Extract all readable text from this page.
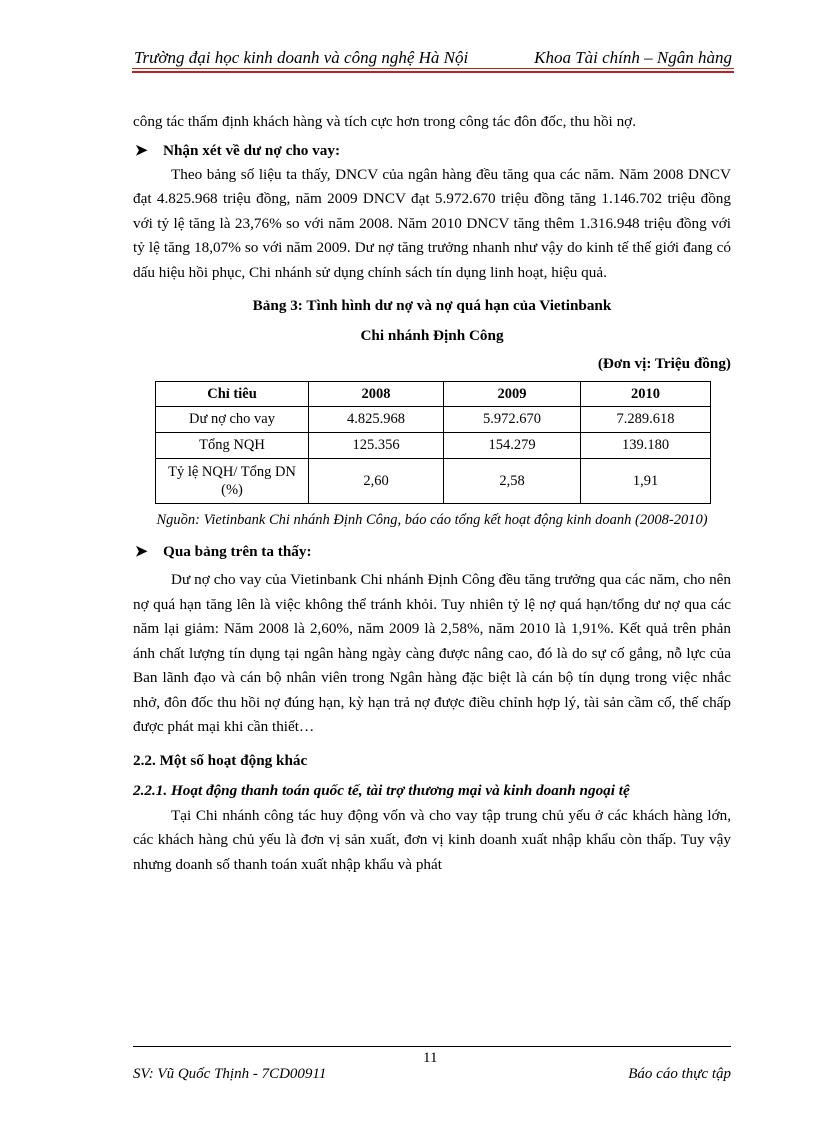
Trường đại học kinh doanh và công nghệ Hà Nội	Khoa Tài chính – Ngân hàng

công tác thẩm định khách hàng và tích cực hơn trong công tác đôn đốc, thu hồi nợ.

➤ Nhận xét về dư nợ cho vay:

Theo bảng số liệu ta thấy, DNCV của ngân hàng đều tăng qua các năm. Năm 2008 DNCV đạt 4.825.968 triệu đồng, năm 2009 DNCV đạt 5.972.670 triệu đồng tăng 1.146.702 triệu đồng với tỷ lệ tăng là 23,76% so với năm 2008. Năm 2010 DNCV tăng thêm 1.316.948 triệu đồng với tỷ lệ tăng 18,07% so với năm 2009. Dư nợ tăng trưởng nhanh như vậy do kinh tế thế giới đang có dấu hiệu hồi phục, Chi nhánh sử dụng chính sách tín dụng linh hoạt, hiệu quả.

Bảng 3: Tình hình dư nợ và nợ quá hạn của Vietinbank

Chi nhánh Định Công

(Đơn vị: Triệu đồng)

Chỉ tiêu	2008	2009	2010
Dư nợ cho vay	4.825.968	5.972.670	7.289.618
Tổng NQH	125.356	154.279	139.180
Tỷ lệ NQH/ Tổng DN (%)	2,60	2,58	1,91

Nguồn: Vietinbank Chi nhánh Định Công, báo cáo tổng kết hoạt động kinh doanh (2008-2010)

➤ Qua bảng trên ta thấy:

Dư nợ cho vay của Vietinbank Chi nhánh Định Công đều tăng trưởng qua các năm, cho nên nợ quá hạn tăng lên là việc không thể tránh khỏi. Tuy nhiên tỷ lệ nợ quá hạn/tổng dư nợ qua các năm lại giảm: Năm 2008 là 2,60%, năm 2009 là 2,58%, năm 2010 là 1,91%. Kết quả trên phản ánh chất lượng tín dụng tại ngân hàng ngày càng được nâng cao, đó là do sự cố gắng, nỗ lực của Ban lãnh đạo và cán bộ nhân viên trong Ngân hàng đặc biệt là cán bộ tín dụng trong việc nhắc nhở, đôn đốc thu hồi nợ đúng hạn, kỳ hạn trả nợ được điều chỉnh hợp lý, tài sản cầm cố, thế chấp được phát mại khi cần thiết…

2.2. Một số hoạt động khác

2.2.1. Hoạt động thanh toán quốc tế, tài trợ thương mại và kinh doanh ngoại tệ

Tại Chi nhánh công tác huy động vốn và cho vay tập trung chủ yếu ở các khách hàng lớn, các khách hàng chủ yếu là đơn vị sản xuất, đơn vị kinh doanh xuất nhập khẩu còn thấp. Tuy vậy nhưng doanh số thanh toán xuất nhập khẩu và phát

SV: Vũ Quốc Thịnh - 7CD00911
11
Báo cáo thực tập
